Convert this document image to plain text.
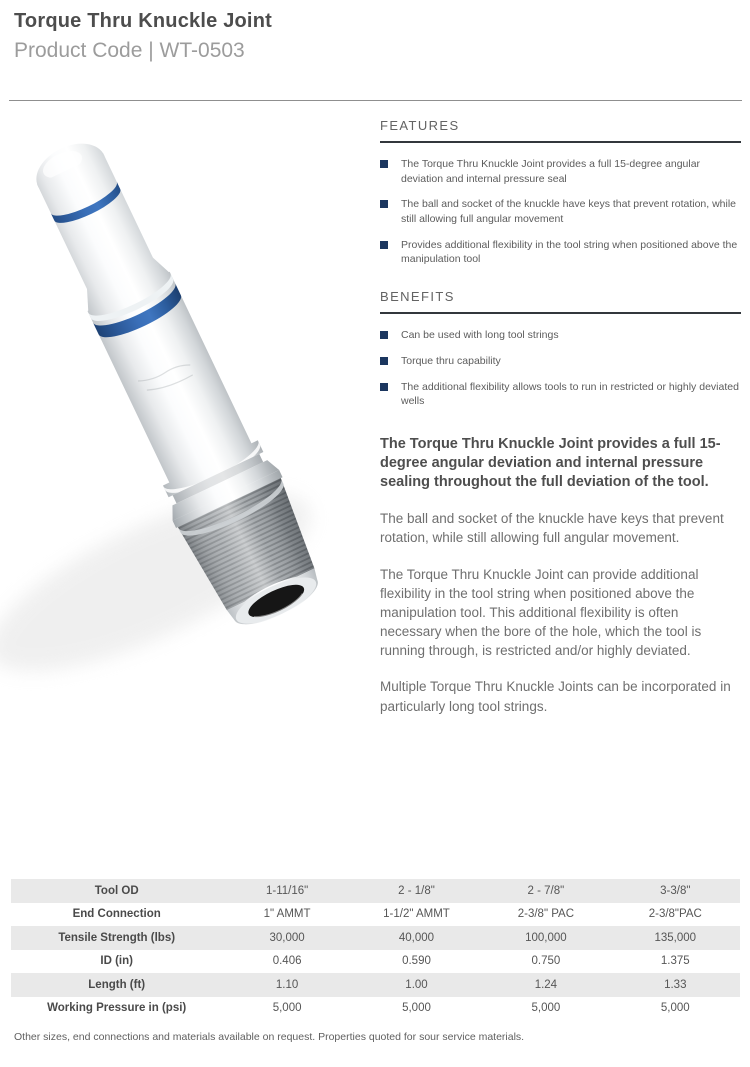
Torque Thru Knuckle Joint
Product Code | WT-0503
FEATURES
The Torque Thru Knuckle Joint provides a full 15-degree angular deviation and internal pressure seal
The ball and socket of the knuckle have keys that prevent rotation, while still allowing full angular movement
Provides additional flexibility in the tool string when positioned above the manipulation tool
BENEFITS
Can be used with long tool strings
Torque thru capability
The additional flexibility allows tools to run in restricted or highly deviated wells

The Torque Thru Knuckle Joint provides a full 15-degree angular deviation and internal pressure sealing throughout the full deviation of the tool.

The ball and socket of the knuckle have keys that prevent rotation, while still allowing full angular movement.

The Torque Thru Knuckle Joint can provide additional flexibility in the tool string when positioned above the manipulation tool. This additional flexibility is often necessary when the bore of the hole, which the tool is running through, is restricted and/or highly deviated.

Multiple Torque Thru Knuckle Joints can be incorporated in particularly long tool strings.

Tool OD	1-11/16"	2 - 1/8"	2 - 7/8"	3-3/8"
End Connection	1" AMMT	1-1/2" AMMT	2-3/8" PAC	2-3/8"PAC
Tensile Strength (lbs)	30,000	40,000	100,000	135,000
ID (in)	0.406	0.590	0.750	1.375
Length (ft)	1.10	1.00	1.24	1.33
Working Pressure in (psi)	5,000	5,000	5,000	5,000
Other sizes, end connections and materials available on request. Properties quoted for sour service materials.
